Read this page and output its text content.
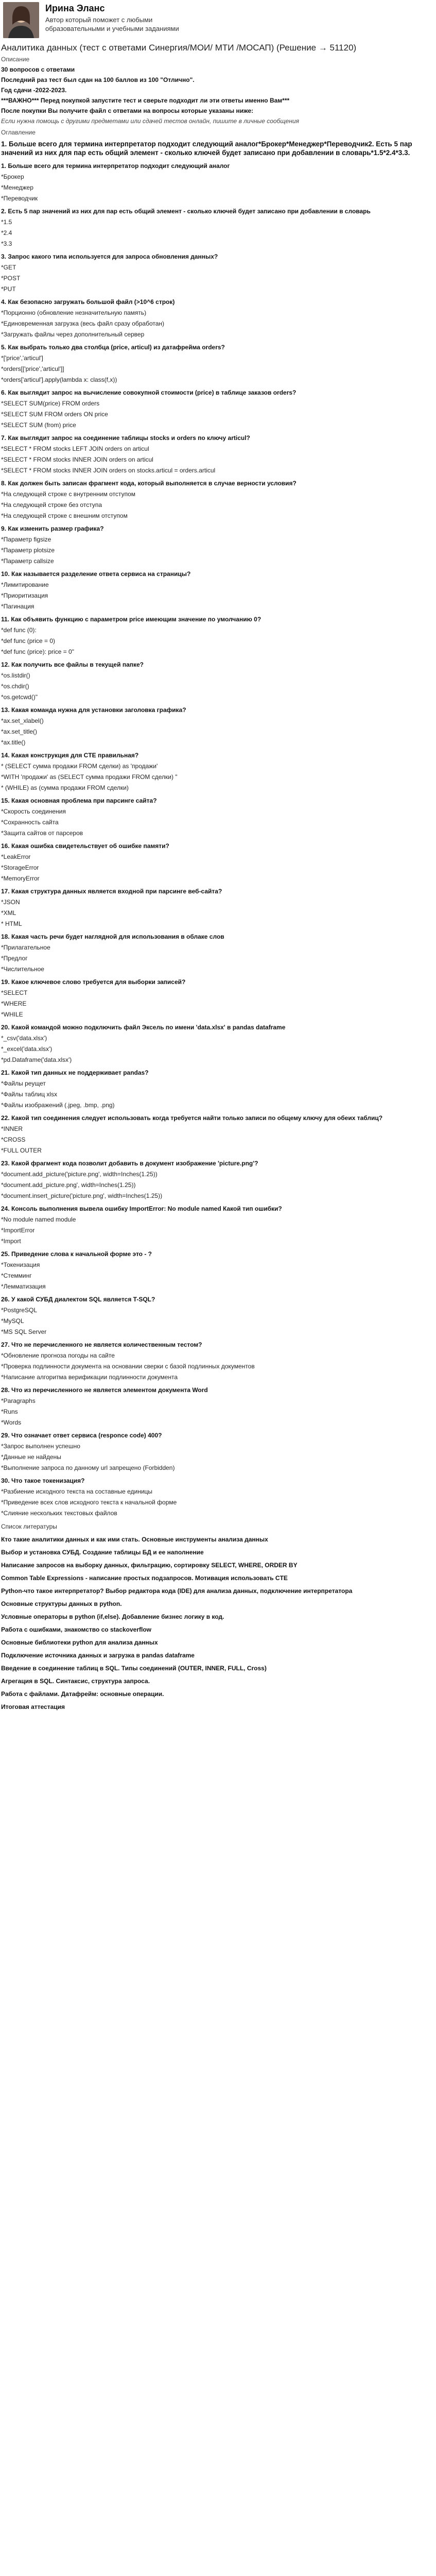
Ирина Эланс
Автор который поможет с любыми образовательными и учебными заданиями
Аналитика данных (тест с ответами Синергия/МОИ/ МТИ /МОСАП) (Решение → 51120)
Описание
30 вопросов с ответами
Последний раз тест был сдан на 100 баллов из 100 "Отлично".
Год сдачи -2022-2023.
***ВАЖНО*** Перед покупкой запустите тест и сверьте подходит ли эти ответы именно Вам***
После покупки Вы получите файл с ответами на вопросы которые указаны ниже:
Если нужна помощь с другими предметами или сдачей тестов онлайн, пишите в личные сообщения
Оглавление
1. Больше всего для термина интерпретатор подходит следующий аналог*Брокер*Менеджер*Переводчик2. Есть 5 пар значений из них для пар есть общий элемент - сколько ключей будет записано при добавлении в словарь*1.5*2.4*3.3.
1. Больше всего для термина интерпретатор подходит следующий аналог
*Брокер
*Менеджер
*Переводчик
2. Есть 5 пар значений из них для пар есть общий элемент - сколько ключей будет записано при добавлении в словарь
*1.5
*2.4
*3.3
3. Запрос какого типа используется для запроса обновления данных?
*GET
*POST
*PUT
4. Как безопасно загружать большой файл (>10^6 строк)
*Порционно (обновление незначительную память)
*Единовременная загрузка (весь файл сразу обработан)
*Загружать файлы через дополнительный сервер
5. Как выбрать только два столбца (price, articul) из датафрейма orders?
*['price','articul']
*orders[['price','articul']]
*orders['articul'].apply(lambda x: class(f,x))
6. Как выглядит запрос на вычисление совокупной стоимости (price) в таблице заказов orders?
*SELECT SUM(price) FROM orders
*SELECT SUM FROM orders ON price
*SELECT SUM (from) price
7. Как выглядит запрос на соединение таблицы stocks и orders по ключу articul?
*SELECT * FROM stocks LEFT JOIN orders on articul
*SELECT * FROM stocks INNER JOIN orders on articul
*SELECT * FROM stocks INNER JOIN orders on stocks.articul = orders.articul
8. Как должен быть записан фрагмент кода, который выполняется в случае верности условия?
*На следующей строке с внутренним отступом
*На следующей строке без отступа
*На следующей строке с внешним отступом
9. Как изменить размер графика?
*Параметр figsize
*Параметр plotsize
*Параметр callsize
10. Как называется разделение ответа сервиса на страницы?
*Лимитирование
*Приоритизация
*Пагинация
11. Как объявить функцию с параметром price имеющим значение по умолчанию 0?
*def func (0):
*def func (price = 0)
*def func (price): price = 0"
12. Как получить все файлы в текущей папке?
*os.listdir()
*os.chdir()
*os.getcwd()"
13. Какая команда нужна для установки заголовка графика?
*ax.set_xlabel()
*ax.set_title()
*ax.title()
14. Какая конструкция для CTE правильная?
* (SELECT сумма продажи FROM сделки) as 'продажи'
*WITH 'продажи' as (SELECT сумма продажи FROM сделки) "
* (WHILE) as (сумма продажи FROM сделки)
15. Какая основная проблема при парсинге сайта?
*Скорость соединения
*Сохранность сайта
*Защита сайтов от парсеров
16. Какая ошибка свидетельствует об ошибке памяти?
*LeakError
*StorageError
*MemoryError
17. Какая структура данных является входной при парсинге веб-сайта?
*JSON
*XML
* HTML
18. Какая часть речи будет наглядной для использования в облаке слов
*Прилагательное
*Предлог
*Числительное
19. Какое ключевое слово требуется для выборки записей?
*SELECT
*WHERE
*WHILE
20. Какой командой можно подключить файл Эксель по имени 'data.xlsx' в pandas dataframe
*_csv('data.xlsx')
*_excel('data.xlsx')
*pd.Dataframe('data.xlsx')
21. Какой тип данных не поддерживает pandas?
*Файлы реущет
*Файлы таблиц xlsx
*Файлы изображений (.jpeg, .bmp, .png)
22. Какой тип соединения следует использовать когда требуется найти только записи по общему ключу для обеих таблиц?
*INNER
*CROSS
*FULL OUTER
23. Какой фрагмент кода позволит добавить в документ изображение 'picture.png'?
*document.add_picture('picture.png', width=Inches(1.25))
*document.add_picture.png', width=Inches(1.25))
*document.insert_picture('picture.png', width=Inches(1.25))
24. Консоль выполнения вывела ошибку ImportError: No module named Какой тип ошибки?
*No module named module
*ImportError
*Import
25. Приведение слова к начальной форме это - ?
*Токенизация
*Стемминг
*Лемматизация
26. У какой СУБД диалектом SQL является T-SQL?
*PostgreSQL
*MySQL
*MS SQL Server
27. Что не перечисленного не является количественным тестом?
*Обновление прогноза погоды на сайте
*Проверка подлинности документа на основании сверки с базой подлинных документов
*Написание алгоритма верификации подлинности документа
28. Что из перечисленного не является элементом документа Word
*Paragraphs
*Runs
*Words
29. Что означает ответ сервиса (responce code) 400?
*Запрос выполнен успешно
*Данные не найдены
*Выполнение запроса по данному url запрещено (Forbidden)
30. Что такое токенизация?
*Разбиение исходного текста на составные единицы
*Приведение всех слов исходного текста к начальной форме
*Слияние нескольких текстовых файлов
Список литературы
Кто такие аналитики данных и как ими стать. Основные инструменты анализа данных
Выбор и установка СУБД. Создание таблицы БД и ее наполнение
Написание запросов на выборку данных, фильтрацию, сортировку SELECT, WHERE, ORDER BY
Common Table Expressions - написание простых подзапросов. Мотивация использовать CTE
Python-что такое интерпретатор? Выбор редактора кода (IDE) для анализа данных, подключение интерпретатора
Основные структуры данных в python.
Условные операторы в python (if,else). Добавление бизнес логику в код.
Работа с ошибками, знакомство со stackoverflow
Основные библиотеки python для анализа данных
Подключение источника данных и загрузка в pandas dataframe
Введение в соединение таблиц в SQL. Типы соединений (OUTER, INNER, FULL, Cross)
Агрегация в SQL. Синтаксис, структура запроса.
Работа с файлами. Датафрейм: основные операции.
Итоговая аттестация
